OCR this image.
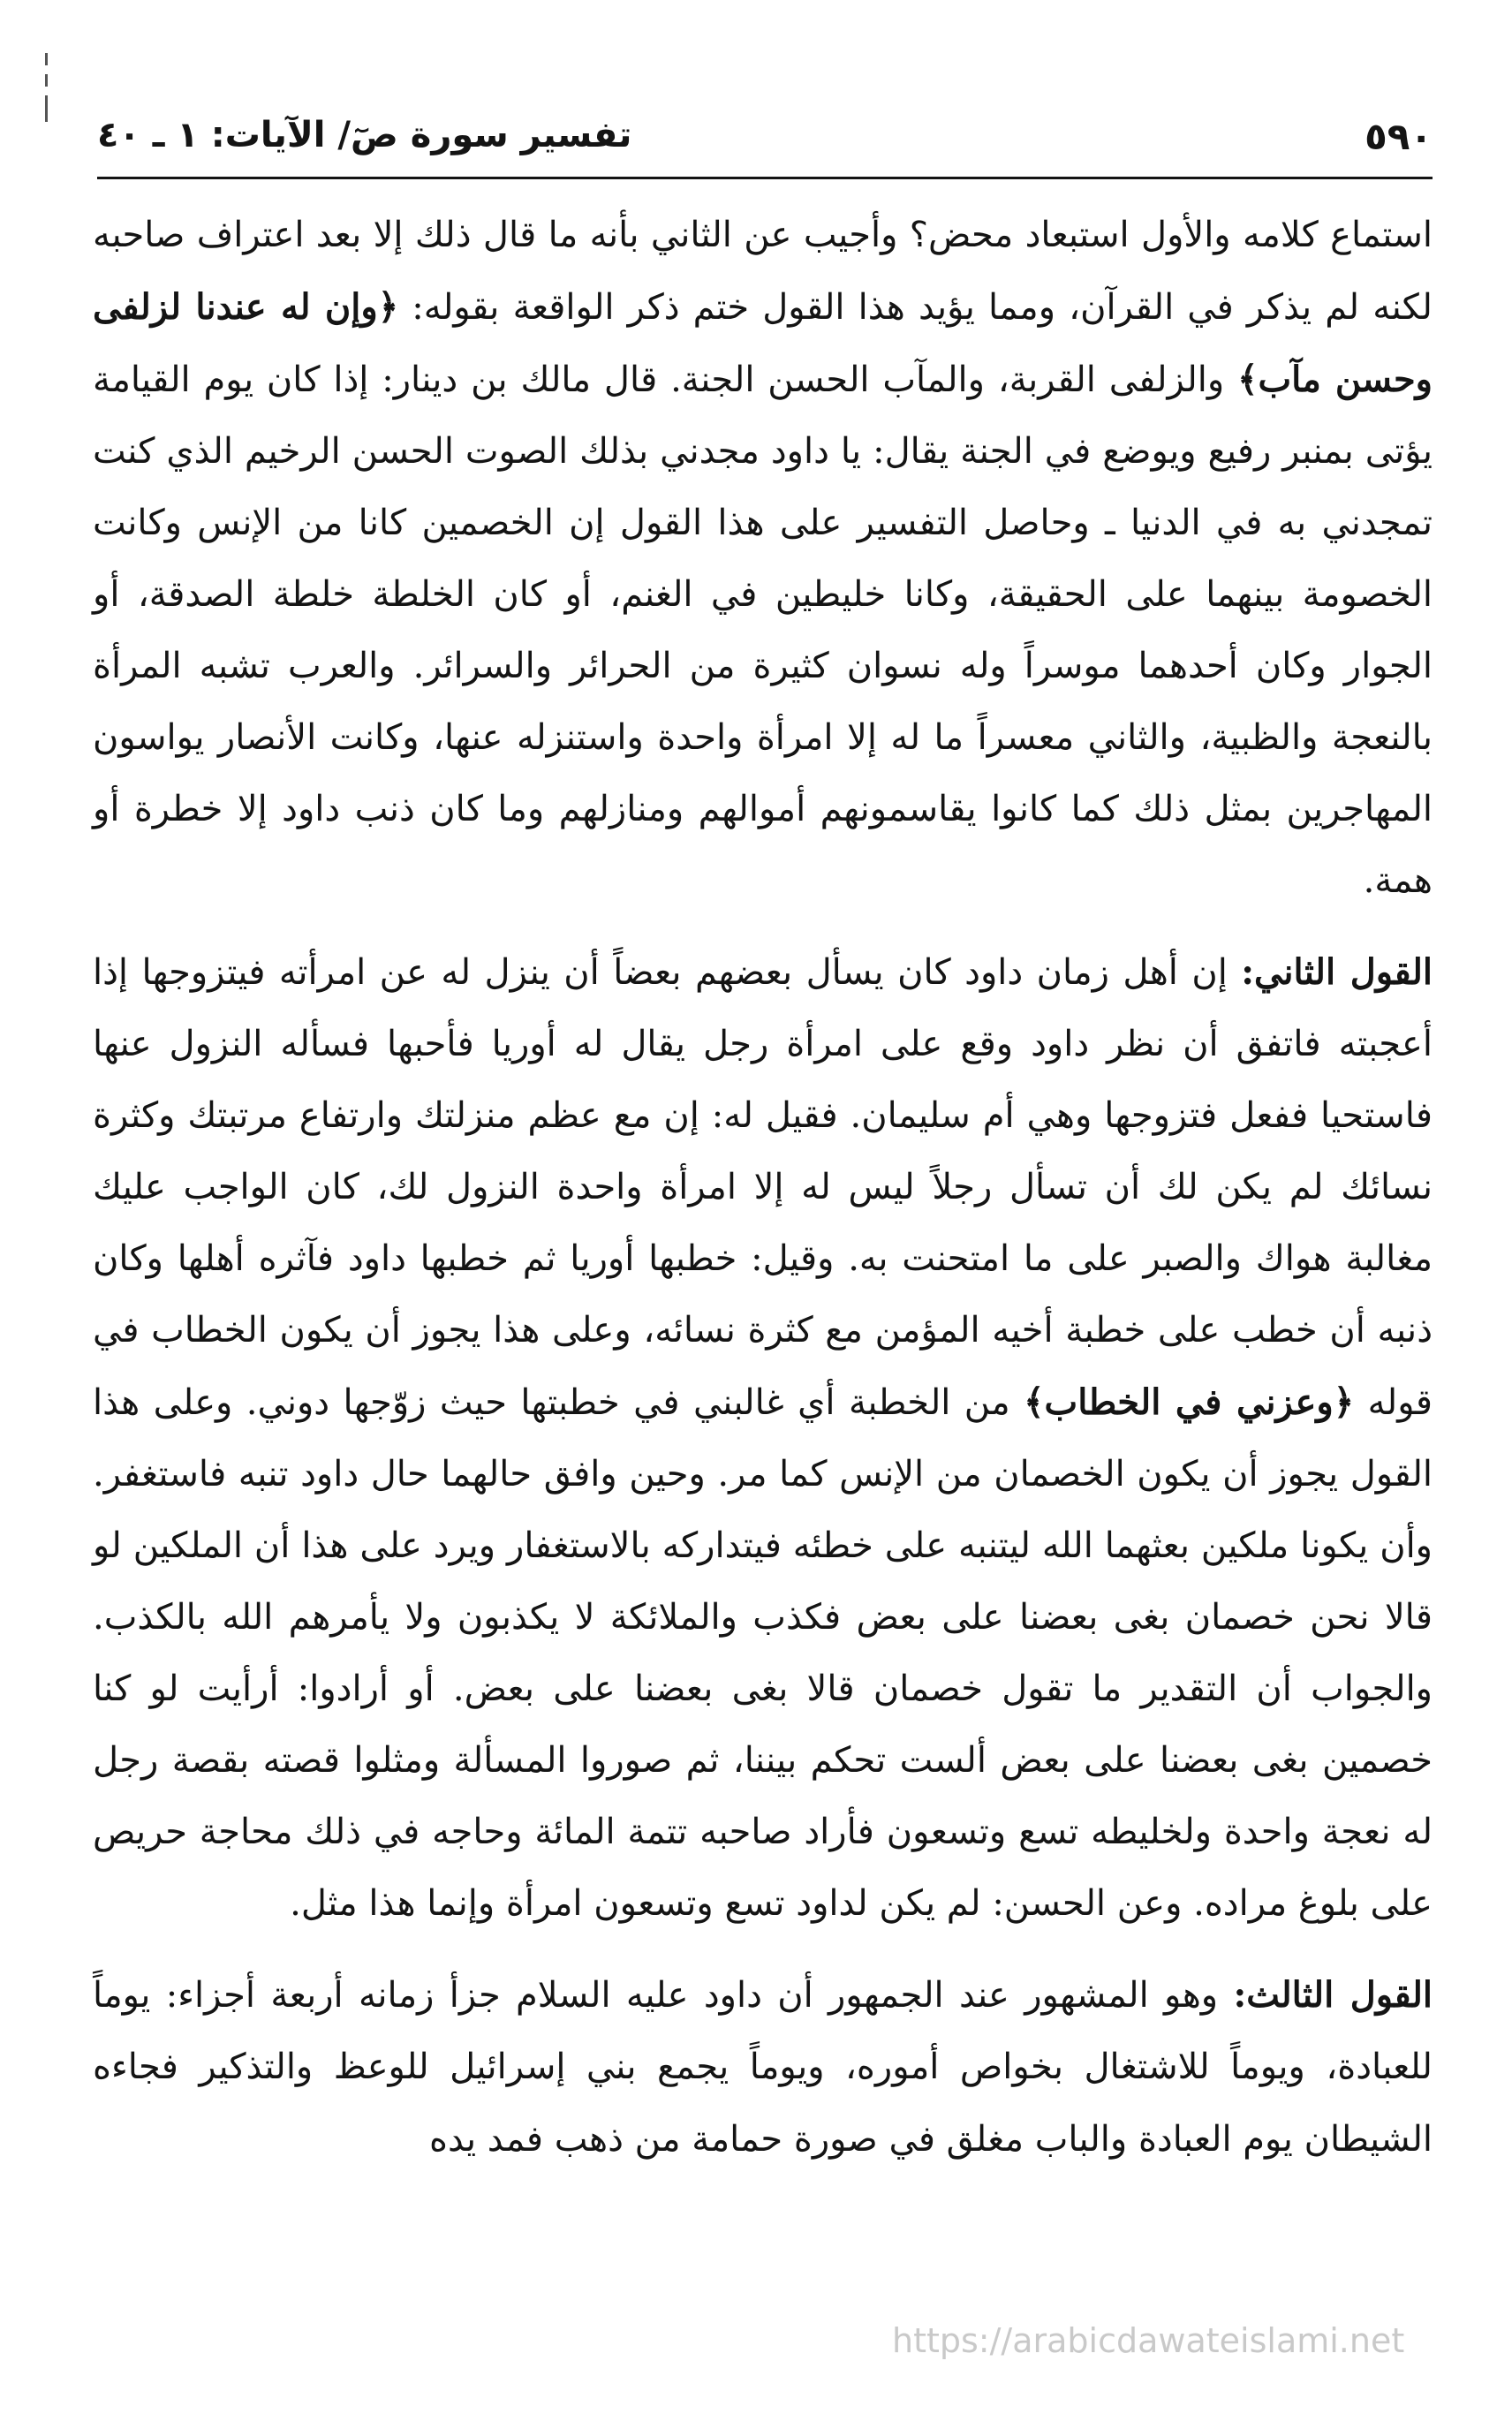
٥٩٠
تفسير سورة صٓ/ الآيات: ١ ـ ٤٠

استماع كلامه والأول استبعاد محض؟ وأجيب عن الثاني بأنه ما قال ذلك إلا بعد اعتراف صاحبه لكنه لم يذكر في القرآن، ومما يؤيد هذا القول ختم ذكر الواقعة بقوله: ﴿وإن له عندنا لزلفى وحسن مآب﴾ والزلفى القربة، والمآب الحسن الجنة. قال مالك بن دينار: إذا كان يوم القيامة يؤتى بمنبر رفيع ويوضع في الجنة يقال: يا داود مجدني بذلك الصوت الحسن الرخيم الذي كنت تمجدني به في الدنيا ـ وحاصل التفسير على هذا القول إن الخصمين كانا من الإنس وكانت الخصومة بينهما على الحقيقة، وكانا خليطين في الغنم، أو كان الخلطة خلطة الصدقة، أو الجوار وكان أحدهما موسراً وله نسوان كثيرة من الحرائر والسرائر. والعرب تشبه المرأة بالنعجة والظبية، والثاني معسراً ما له إلا امرأة واحدة واستنزله عنها، وكانت الأنصار يواسون المهاجرين بمثل ذلك كما كانوا يقاسمونهم أموالهم ومنازلهم وما كان ذنب داود إلا خطرة أو همة.

القول الثاني: إن أهل زمان داود كان يسأل بعضهم بعضاً أن ينزل له عن امرأته فيتزوجها إذا أعجبته فاتفق أن نظر داود وقع على امرأة رجل يقال له أوريا فأحبها فسأله النزول عنها فاستحيا ففعل فتزوجها وهي أم سليمان. فقيل له: إن مع عظم منزلتك وارتفاع مرتبتك وكثرة نسائك لم يكن لك أن تسأل رجلاً ليس له إلا امرأة واحدة النزول لك، كان الواجب عليك مغالبة هواك والصبر على ما امتحنت به. وقيل: خطبها أوريا ثم خطبها داود فآثره أهلها وكان ذنبه أن خطب على خطبة أخيه المؤمن مع كثرة نسائه، وعلى هذا يجوز أن يكون الخطاب في قوله ﴿وعزني في الخطاب﴾ من الخطبة أي غالبني في خطبتها حيث زوّجها دوني. وعلى هذا القول يجوز أن يكون الخصمان من الإنس كما مر. وحين وافق حالهما حال داود تنبه فاستغفر. وأن يكونا ملكين بعثهما الله ليتنبه على خطئه فيتداركه بالاستغفار ويرد على هذا أن الملكين لو قالا نحن خصمان بغى بعضنا على بعض فكذب والملائكة لا يكذبون ولا يأمرهم الله بالكذب. والجواب أن التقدير ما تقول خصمان قالا بغى بعضنا على بعض. أو أرادوا: أرأيت لو كنا خصمين بغى بعضنا على بعض ألست تحكم بيننا، ثم صوروا المسألة ومثلوا قصته بقصة رجل له نعجة واحدة ولخليطه تسع وتسعون فأراد صاحبه تتمة المائة وحاجه في ذلك محاجة حريص على بلوغ مراده. وعن الحسن: لم يكن لداود تسع وتسعون امرأة وإنما هذا مثل.

القول الثالث: وهو المشهور عند الجمهور أن داود عليه السلام جزأ زمانه أربعة أجزاء: يوماً للعبادة، ويوماً للاشتغال بخواص أموره، ويوماً يجمع بني إسرائيل للوعظ والتذكير فجاءه الشيطان يوم العبادة والباب مغلق في صورة حمامة من ذهب فمد يده

https://arabicdawateislami.net
